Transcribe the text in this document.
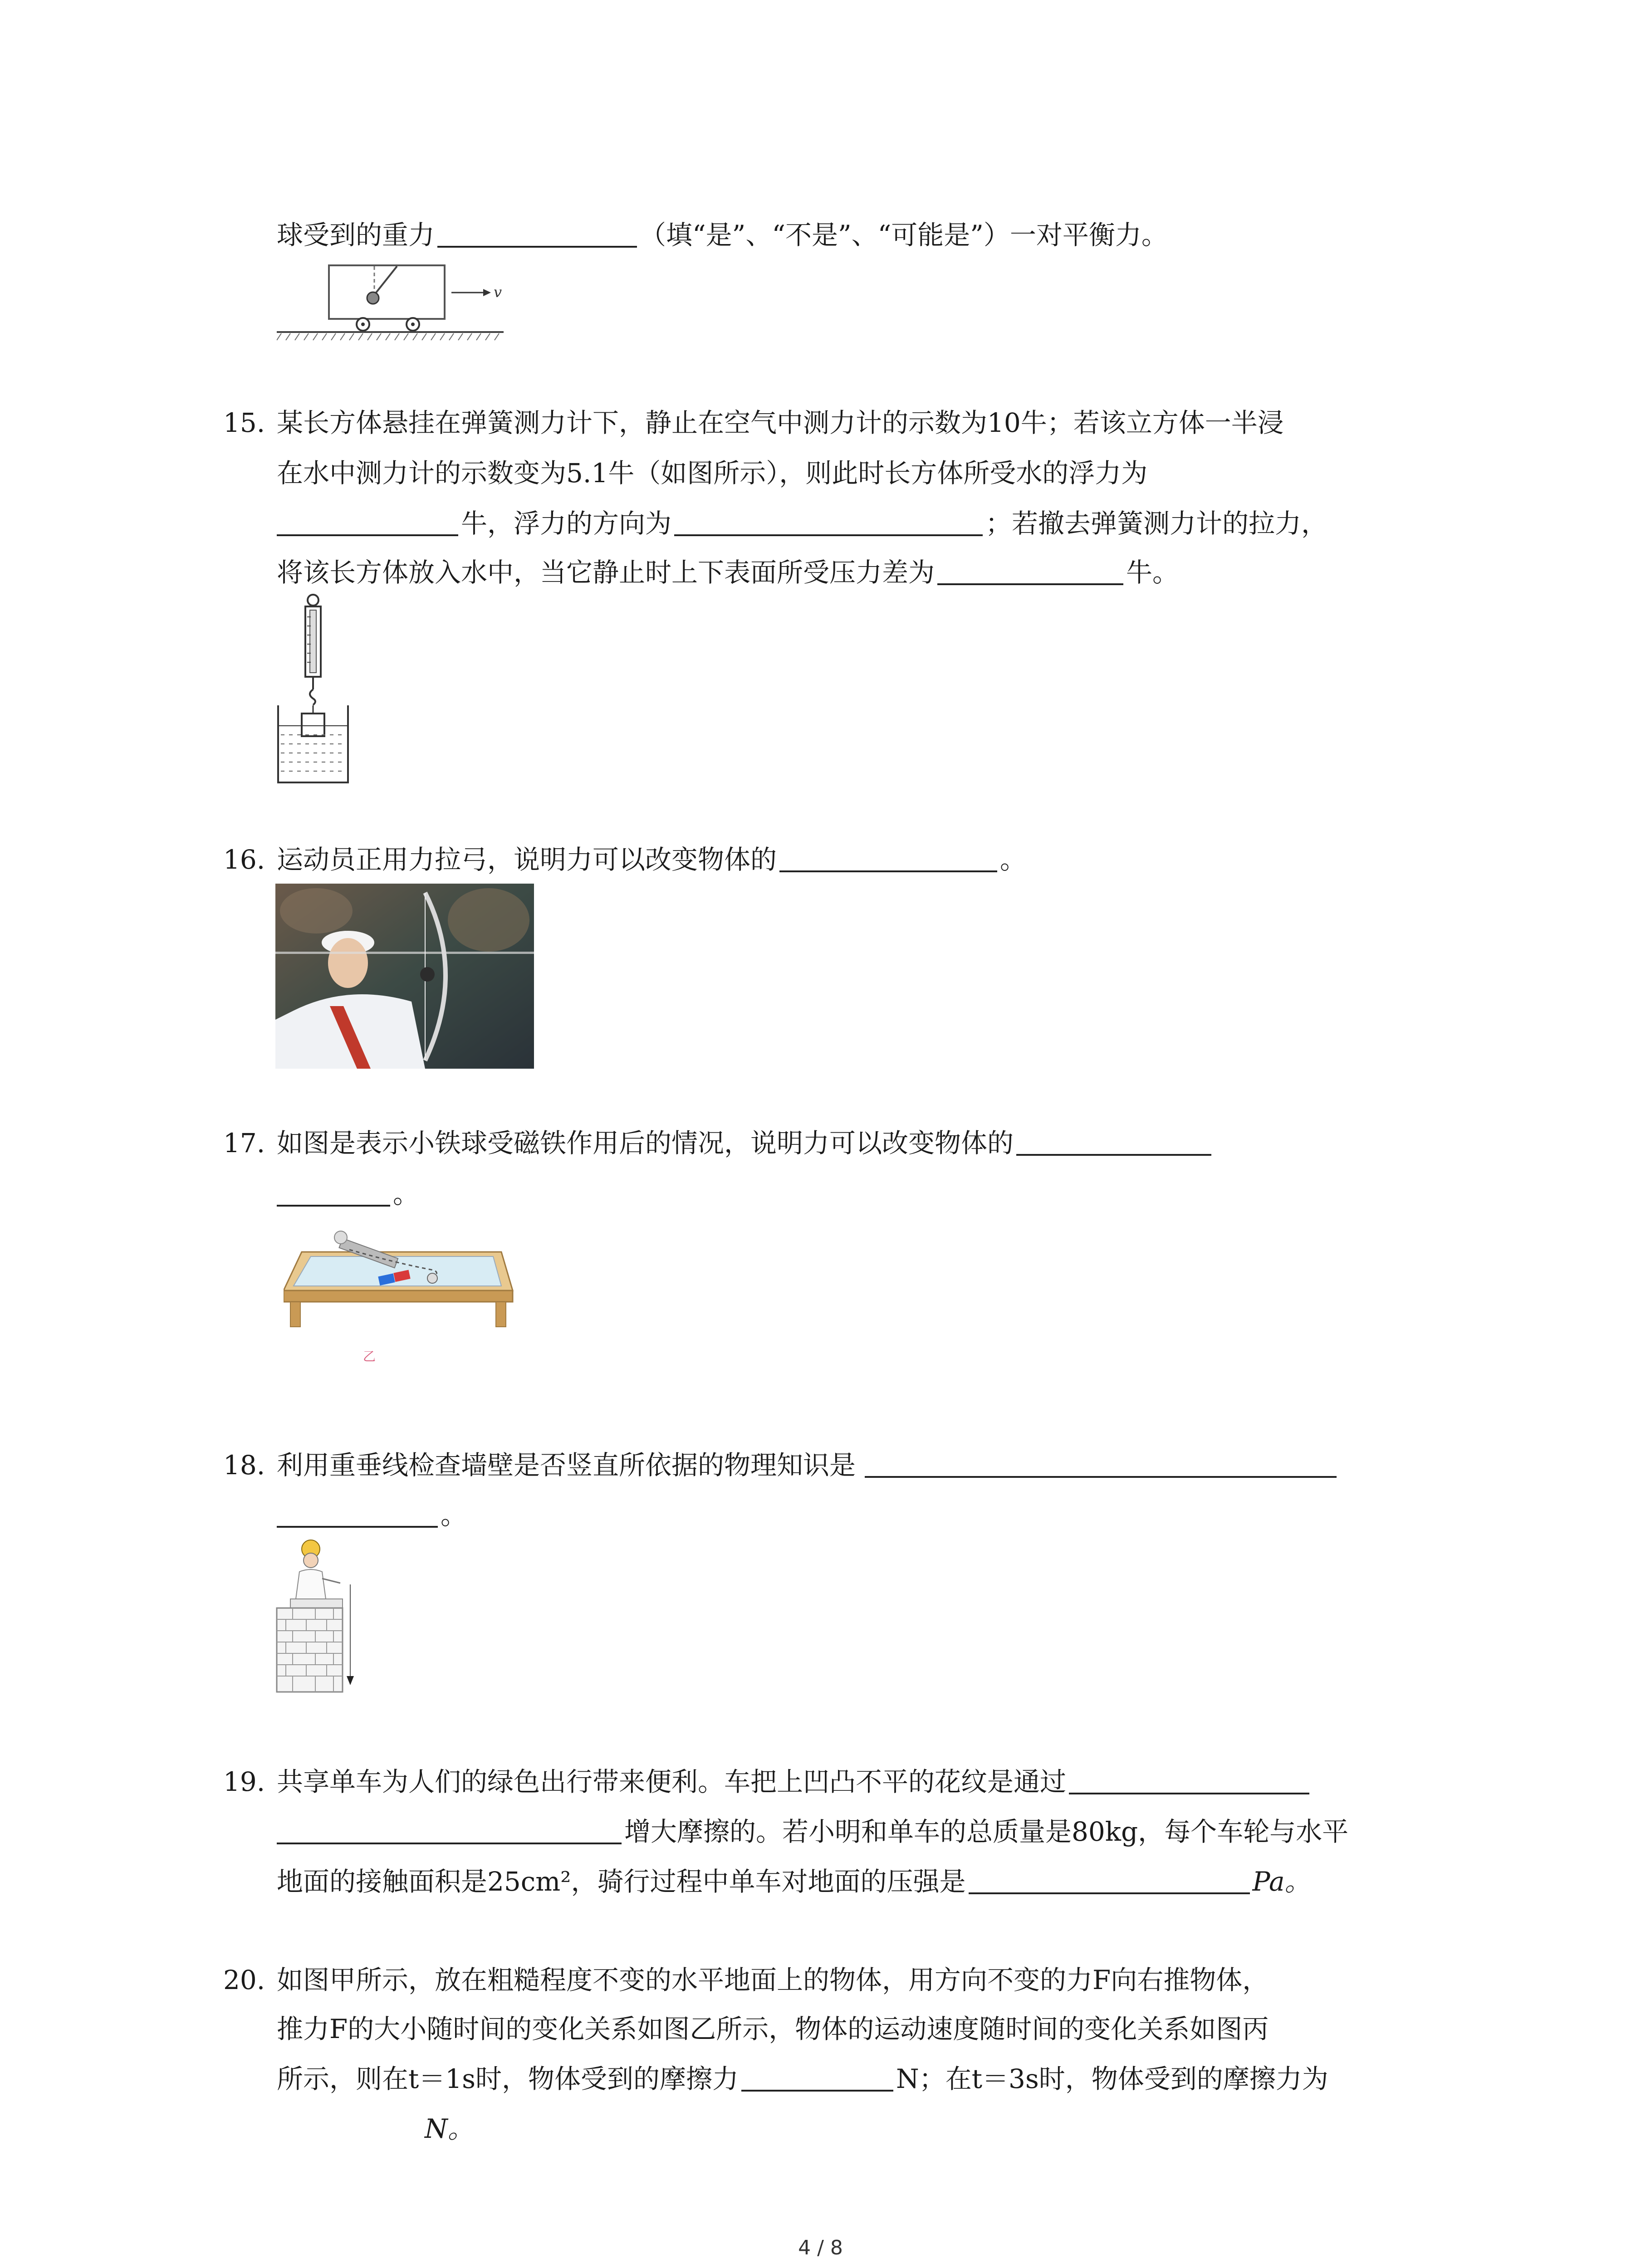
球受到的重力	（填“是”、“不是”、“可能是”）一对平衡力。
v
15. 某长方体悬挂在弹簧测力计下，静止在空气中测力计的示数为10牛；若该立方体一半浸
在水中测力计的示数变为5.1牛（如图所示），则此时长方体所受水的浮力为
牛，浮力的方向为	；若撤去弹簧测力计的拉力，
将该长方体放入水中，当它静止时上下表面所受压力差为	牛。
16. 运动员正用力拉弓，说明力可以改变物体的	。
17. 如图是表示小铁球受磁铁作用后的情况，说明力可以改变物体的
。
乙
18. 利用重垂线检查墙壁是否竖直所依据的物理知识是
。
19. 共享单车为人们的绿色出行带来便利。车把上凹凸不平的花纹是通过
增大摩擦的。若小明和单车的总质量是80kg，每个车轮与水平
地面的接触面积是25cm²，骑行过程中单车对地面的压强是	Pa。
20. 如图甲所示，放在粗糙程度不变的水平地面上的物体，用方向不变的力F向右推物体，
推力F的大小随时间的变化关系如图乙所示，物体的运动速度随时间的变化关系如图丙
所示，则在t＝1s时，物体受到的摩擦力	N；在t＝3s时，物体受到的摩擦力为
N。
4 / 8
